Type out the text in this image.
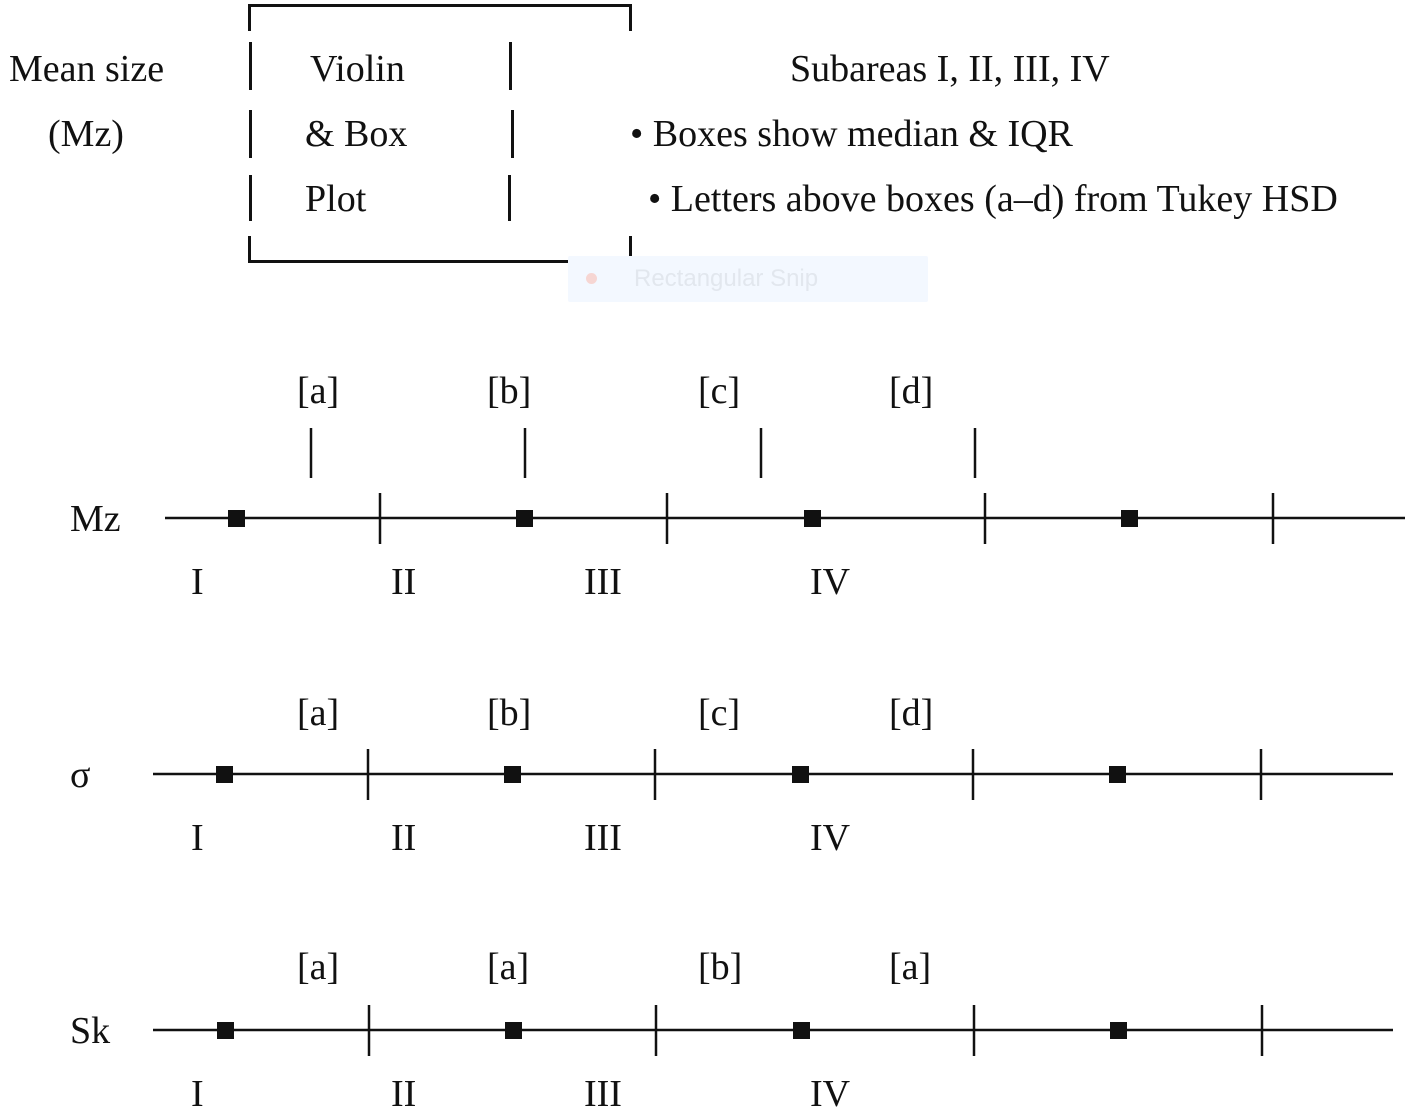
Mean size
(Mz)
Violin
& Box
Plot
Subareas I, II, III, IV
• Boxes show median & IQR
• Letters above boxes (a–d) from Tukey HSD
Rectangular Snip
Mz
[a]	[b]	[c]	[d]
I	II	III	IV
σ
[a]	[b]	[c]	[d]
I	II	III	IV
Sk
[a]	[a]	[b]	[a]
I	II	III	IV
